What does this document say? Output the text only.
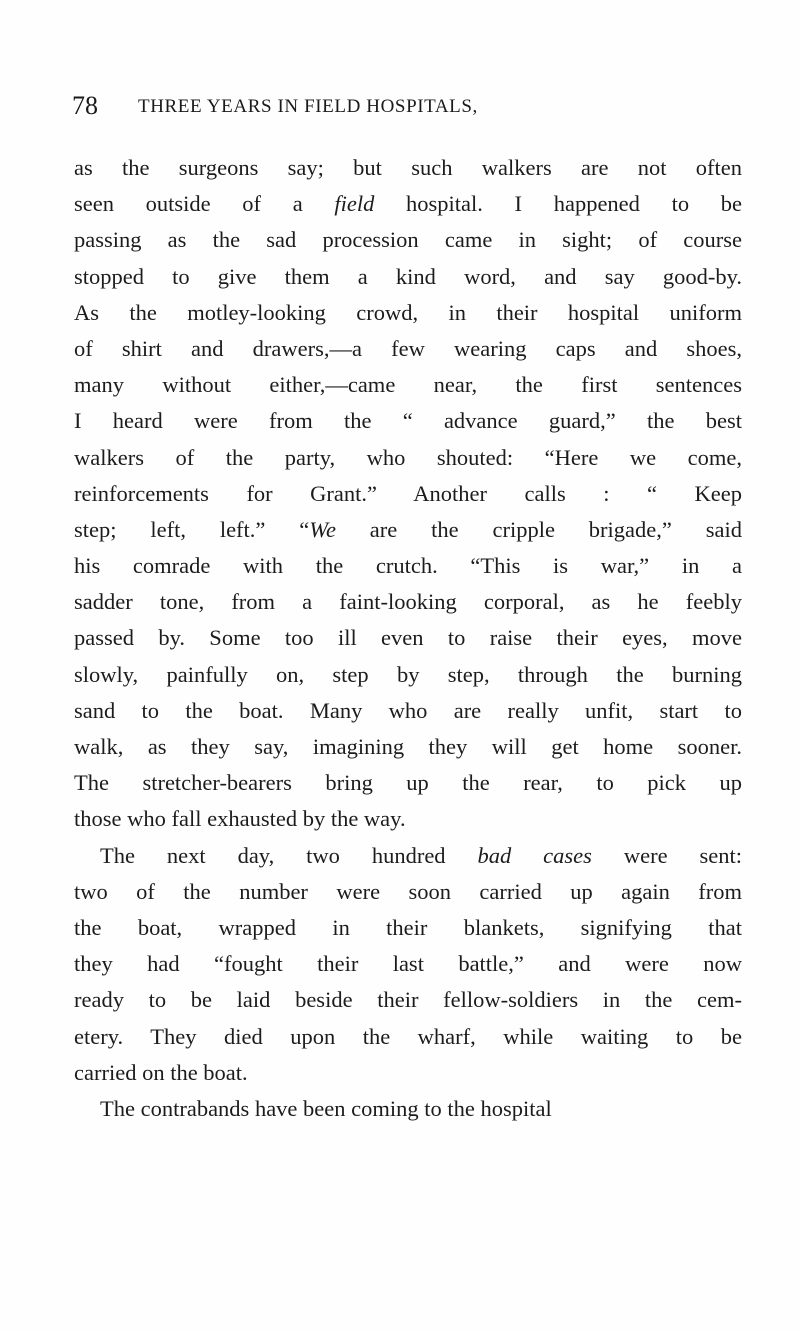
78 THREE YEARS IN FIELD HOSPITALS,
as the surgeons say; but such walkers are not often
seen outside of a field hospital. I happened to be
passing as the sad procession came in sight; of course
stopped to give them a kind word, and say good-by.
As the motley-looking crowd, in their hospital uniform
of shirt and drawers,—a few wearing caps and shoes,
many without either,—came near, the first sentences
I heard were from the “ advance guard,” the best
walkers of the party, who shouted: “Here we come,
reinforcements for Grant.” Another calls : “ Keep
step; left, left.” “We are the cripple brigade,” said
his comrade with the crutch. “This is war,” in a
sadder tone, from a faint-looking corporal, as he feebly
passed by. Some too ill even to raise their eyes, move
slowly, painfully on, step by step, through the burning
sand to the boat. Many who are really unfit, start to
walk, as they say, imagining they will get home sooner.
The stretcher-bearers bring up the rear, to pick up
those who fall exhausted by the way.
The next day, two hundred bad cases were sent:
two of the number were soon carried up again from
the boat, wrapped in their blankets, signifying that
they had “fought their last battle,” and were now
ready to be laid beside their fellow-soldiers in the cem-
etery. They died upon the wharf, while waiting to be
carried on the boat.
The contrabands have been coming to the hospital
